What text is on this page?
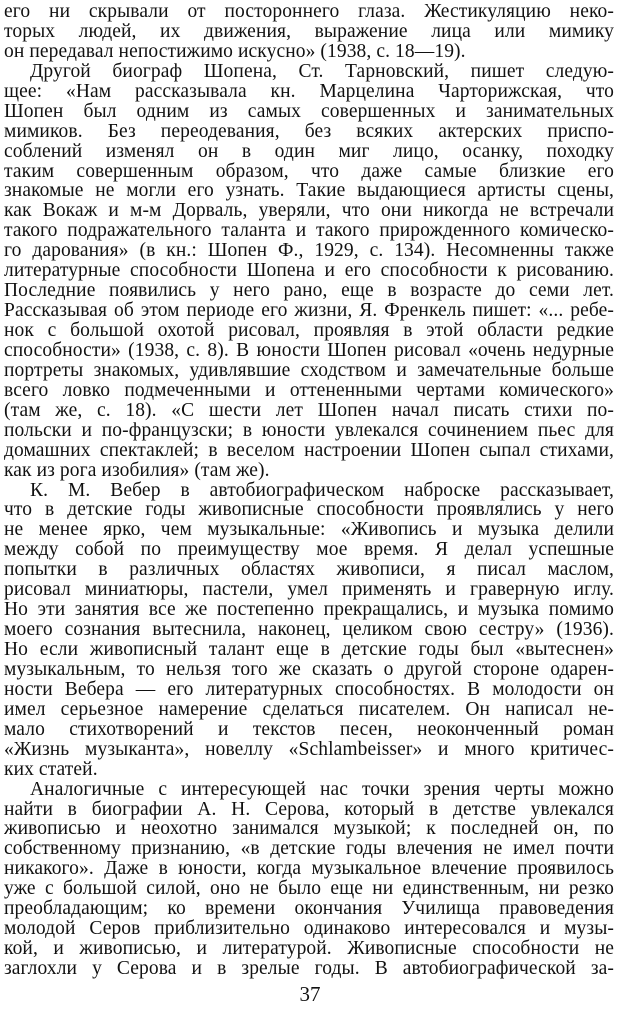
его ни скрывали от постороннего глаза. Жестикуляцию неко-
торых людей, их движения, выражение лица или мимику
он передавал непостижимо искусно» (1938, с. 18—19).
Другой биограф Шопена, Ст. Тарновский, пишет следую-
щее: «Нам рассказывала кн. Марцелина Чарторижская, что
Шопен был одним из самых совершенных и занимательных
мимиков. Без переодевания, без всяких актерских приспо-
соблений изменял он в один миг лицо, осанку, походку
таким совершенным образом, что даже самые близкие его
знакомые не могли его узнать. Такие выдающиеся артисты сцены,
как Вокаж и м-м Дорваль, уверяли, что они никогда не встречали
такого подражательного таланта и такого прирожденного комическо-
го дарования» (в кн.: Шопен Ф., 1929, с. 134). Несомненны также
литературные способности Шопена и его способности к рисованию.
Последние появились у него рано, еще в возрасте до семи лет.
Рассказывая об этом периоде его жизни, Я. Френкель пишет: «... ребе-
нок с большой охотой рисовал, проявляя в этой области редкие
способности» (1938, с. 8). В юности Шопен рисовал «очень недурные
портреты знакомых, удивлявшие сходством и замечательные больше
всего ловко подмеченными и оттененными чертами комического»
(там же, с. 18). «С шести лет Шопен начал писать стихи по-
польски и по-французски; в юности увлекался сочинением пьес для
домашних спектаклей; в веселом настроении Шопен сыпал стихами,
как из рога изобилия» (там же).
К. М. Вебер в автобиографическом наброске рассказывает,
что в детские годы живописные способности проявлялись у него
не менее ярко, чем музыкальные: «Живопись и музыка делили
между собой по преимуществу мое время. Я делал успешные
попытки в различных областях живописи, я писал маслом,
рисовал миниатюры, пастели, умел применять и граверную иглу.
Но эти занятия все же постепенно прекращались, и музыка помимо
моего сознания вытеснила, наконец, целиком свою сестру» (1936).
Но если живописный талант еще в детские годы был «вытеснен»
музыкальным, то нельзя того же сказать о другой стороне одарен-
ности Вебера — его литературных способностях. В молодости он
имел серьезное намерение сделаться писателем. Он написал не-
мало стихотворений и текстов песен, неоконченный роман
«Жизнь музыканта», новеллу «Schlambeisser» и много критичес-
ких статей.
Аналогичные с интересующей нас точки зрения черты можно
найти в биографии А. Н. Серова, который в детстве увлекался
живописью и неохотно занимался музыкой; к последней он, по
собственному признанию, «в детские годы влечения не имел почти
никакого». Даже в юности, когда музыкальное влечение проявилось
уже с большой силой, оно не было еще ни единственным, ни резко
преобладающим; ко времени окончания Училища правоведения
молодой Серов приблизительно одинаково интересовался и музы-
кой, и живописью, и литературой. Живописные способности не
заглохли у Серова и в зрелые годы. В автобиографической за-
37
